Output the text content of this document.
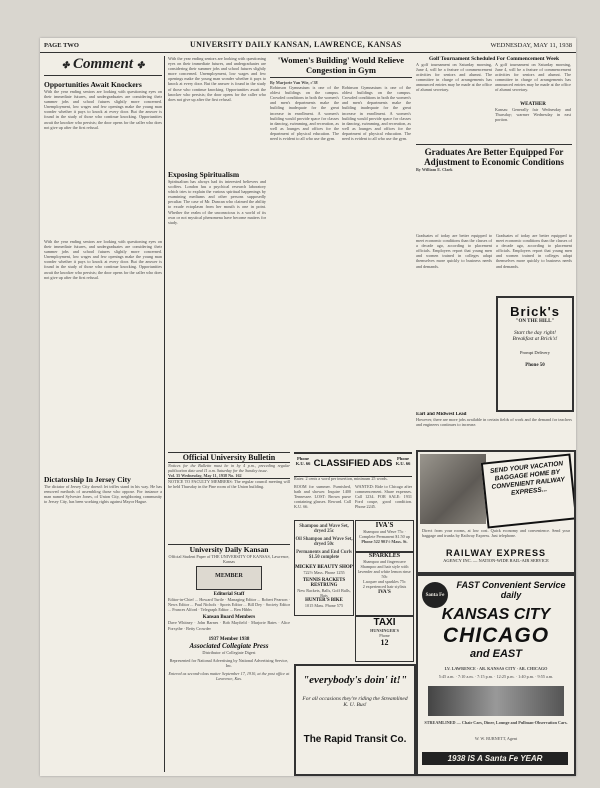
PAGE TWO	UNIVERSITY DAILY KANSAN, LAWRENCE, KANSAS	WEDNESDAY, MAY 11, 1938
✤ Comment ✤
Opportunities Await Knockers
With the year ending seniors are looking with questioning eyes on their immediate futures, and undergraduates are considering their summer jobs and school futures slightly more concerned. Unemployment, low wages and few openings make the young man wonder whether it pays to knock at every door. But the answer is found in the study of those who continue knocking. Opportunities await the knocker who persists; the door opens for the caller who does not give up after the first refusal.
With the year ending seniors are looking with questioning eyes on their immediate futures, and undergraduates are considering their summer jobs and school futures slightly more concerned. Unemployment, low wages and few openings make the young man wonder whether it pays to knock at every door. But the answer is found in the study of those who continue knocking. Opportunities await the knocker who persists; the door opens for the caller who does not give up after the first refusal.
Dictatorship In Jersey City
The dictator of Jersey City doesn't let trifles stand in his way. He has removed methods of assembling those who oppose. For instance a man named Sylvester Jones, of Union City, neighboring community to Jersey City, has been working rights against Mayor Hague.
With the year ending seniors are looking with questioning eyes on their immediate futures, and undergraduates are considering their summer jobs and school futures slightly more concerned. Unemployment, low wages and few openings make the young man wonder whether it pays to knock at every door. But the answer is found in the study of those who continue knocking. Opportunities await the knocker who persists; the door opens for the caller who does not give up after the first refusal.
Exposing Spiritualism
Spiritualism has always had its interested believers and scoffers. London has a psychical research laboratory which tries to explain the various spiritual happenings by examining mediums and other persons supposedly peculiar. The case of Mr. Duncan who claimed the ability to exude ectoplasm from her mouth is one in point. Whether the realm of the unconscious is a world of its own or not mystical phenomena have become matters for study.
'Women's Building' Would Relieve Congestion in Gym
By Marjorie Van Wie, c'38
Robinson Gymnasium is one of the oldest buildings on the campus. Crowded conditions in both the women's and men's departments make the building inadequate for the great increase in enrollment. A women's building would provide space for classes in dancing, swimming, and recreation, as well as lounges and offices for the department of physical education. The need is evident to all who use the gym.
Robinson Gymnasium is one of the oldest buildings on the campus. Crowded conditions in both the women's and men's departments make the building inadequate for the great increase in enrollment. A women's building would provide space for classes in dancing, swimming, and recreation, as well as lounges and offices for the department of physical education. The need is evident to all who use the gym.
Golf Tournament Scheduled For Commencement Week
A golf tournament on Saturday morning, June 4, will be a feature of commencement activities for seniors and alumni. The committee in charge of arrangements has announced entries may be made at the office of alumni secretary.
A golf tournament on Saturday morning, June 4, will be a feature of commencement activities for seniors and alumni. The committee in charge of arrangements has announced entries may be made at the office of alumni secretary.
WEATHER
Kansas: Generally fair Wednesday and Thursday; warmer Wednesday in east portion.
Graduates Are Better Equipped For Adjustment to Economic Conditions
By William E. Clark
Graduates of today are better equipped to meet economic conditions than the classes of a decade ago, according to placement officials. Employers report that young men and women trained in colleges adapt themselves more quickly to business needs and demands.
Graduates of today are better equipped to meet economic conditions than the classes of a decade ago, according to placement officials. Employers report that young men and women trained in colleges adapt themselves more quickly to business needs and demands.
Brick's
"ON THE HILL"
Start the day right!
Breakfast at Brick's!
Prompt Delivery
Phone 50
Earl and Midwest Lead
However, there are more jobs available in certain fields of work and the demand for teachers and engineers continues to increase.
SEND YOUR VACATION BAGGAGE HOME BY CONVENIENT RAILWAY EXPRESS...
Direct from your rooms, at low cost. Quick economy and convenience. Send your baggage and trunks by Railway Express. Just telephone.
RAILWAY EXPRESS
AGENCY INC. — NATION-WIDE RAIL-AIR SERVICE
Santa Fe
FAST Convenient Service daily
KANSAS CITY
CHICAGO
and EAST
LV. LAWRENCE · AR. KANSAS CITY · AR. CHICAGO
5:45 a.m. · 7:10 a.m. · 7:15 p.m. · 12:25 p.m. · 1:40 p.m. · 9:55 a.m.
STREAMLINED — Chair Cars, Diner, Lounge and Pullman-Observation Cars.
W. W. BURNETT, Agent
1938 IS A Santa Fe YEAR
Official University Bulletin
Notices for the Bulletin must be in by 4 p.m., preceding regular publication date and 11 a.m. Saturday for the Sunday issue.
Vol. 35 Wednesday, May 11, 1938 No. 162
NOTICE TO FACULTY MEMBERS: The regular council meeting will be held Thursday in the Pine room of the Union building.
University Daily Kansan
Official Student Paper of THE UNIVERSITY OF KANSAS, Lawrence, Kansas
MEMBER
Editorial Staff
Editor-in-Chief ... Howard Turtle · Managing Editor ... Robert Pearson · News Editor ... Paul Nichols · Sports Editor ... Bill Dey · Society Editor ... Frances Alford · Telegraph Editor ... Ben Hibbs
Kansan Board Members
Dave Whitney · John Barnes · Bob Mayfield · Marjorie Bates · Alice Forsythe · Betty Crowder
1937 Member 1938
Associated Collegiate Press
Distributor of Collegiate Digest
Represented for National Advertising by National Advertising Service, Inc.
Entered as second-class matter September 17, 1910, at the post office at Lawrence, Kas.
Phone K.U. 66 CLASSIFIED ADS	Phone K.U. 66
Rates: 2 cents a word per insertion, minimum 25 words.
ROOM for summer. Furnished, bath and shower. Inquire 1400 Tennessee. LOST: Brown purse containing glasses. Reward. Call K.U. 66.
WANTED: Ride to Chicago after commencement. Share expenses. Call 1234. FOR SALE: 1931 Ford coupe, good condition. Phone 2245.
Shampoo and Wave Set, dryed 25c
Oil Shampoo and Wave Set, dryed 50c
Permanents and End Curls $1.50 complete
MICKEY BEAUTY SHOP
722½ Mass. Phone 1255
TENNIS RACKETS RESTRUNG
New Rackets, Balls, Golf Balls, Bats
HUNTER'S BIKE
1015 Mass. Phone 575
IVA'S
Shampoo and Wave 75c · Complete Permanent $1.50 up
Phone 522 901½ Mass. St.
SPARKLES
Shampoo and fingerwave
Shampoo and hair style with lavender and white lemon rinse 50c
Lacquer and sparkles 75c
2 experienced hair stylists
IVA'S
TAXI
HUNSINGER'S
Phone
12
"everybody's doin' it!"
For all occasions they're riding the Streamlined K. U. Bus!
The Rapid Transit Co.
